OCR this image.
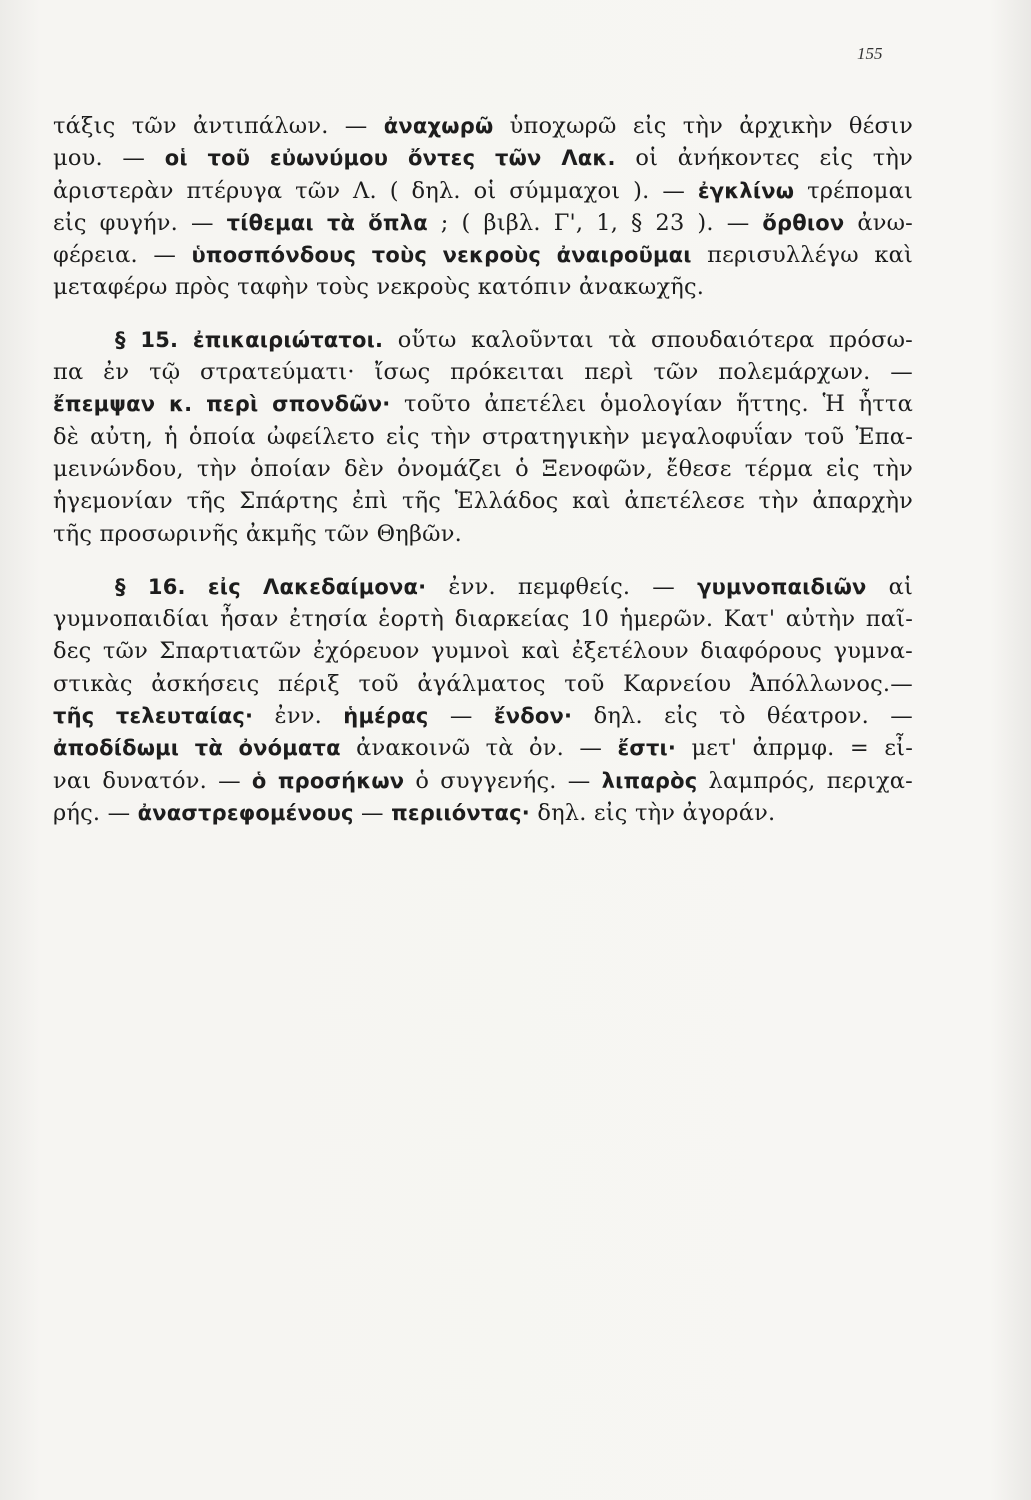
155

τάξις τῶν ἀντιπάλων. — ἀναχωρῶ ὑποχωρῶ εἰς τὴν ἀρχικὴν θέσιν
μου. — οἱ τοῦ εὐωνύμου ὄντες τῶν Λακ. οἱ ἀνήκοντες εἰς τὴν
ἀριστερὰν πτέρυγα τῶν Λ. ( δηλ. οἱ σύμμαχοι ). — ἐγκλίνω τρέπομαι
εἰς φυγήν. — τίθεμαι τὰ ὅπλα ; ( βιβλ. Γ', 1, § 23 ). — ὄρθιον ἀνω-
φέρεια. — ὑποσπόνδους τοὺς νεκροὺς ἀναιροῦμαι περισυλλέγω καὶ
μεταφέρω πρὸς ταφὴν τοὺς νεκροὺς κατόπιν ἀνακωχῆς.

§ 15. ἐπικαιριώτατοι. οὕτω καλοῦνται τὰ σπουδαιότερα πρόσω-
πα ἐν τῷ στρατεύματι· ἴσως πρόκειται περὶ τῶν πολεμάρχων. —
ἔπεμψαν κ. περὶ σπονδῶν· τοῦτο ἀπετέλει ὁμολογίαν ἥττης. Ἡ ἧττα
δὲ αὐτη, ἡ ὁποία ὠφείλετο εἰς τὴν στρατηγικὴν μεγαλοφυΐαν τοῦ Ἐπα-
μεινώνδου, τὴν ὁποίαν δὲν ὀνομάζει ὁ Ξενοφῶν, ἔθεσε τέρμα εἰς τὴν
ἡγεμονίαν τῆς Σπάρτης ἐπὶ τῆς Ἑλλάδος καὶ ἀπετέλεσε τὴν ἀπαρχὴν
τῆς προσωρινῆς ἀκμῆς τῶν Θηβῶν.

§ 16. εἰς Λακεδαίμονα· ἐνν. πεμφθείς. — γυμνοπαιδιῶν αἱ
γυμνοπαιδίαι ἦσαν ἐτησία ἑορτὴ διαρκείας 10 ἡμερῶν. Κατ' αὐτὴν παῖ-
δες τῶν Σπαρτιατῶν ἐχόρευον γυμνοὶ καὶ ἐξετέλουν διαφόρους γυμνα-
στικὰς ἀσκήσεις πέριξ τοῦ ἀγάλματος τοῦ Καρνείου Ἀπόλλωνος.—
τῆς τελευταίας· ἐνν. ἡμέρας — ἔνδον· δηλ. εἰς τὸ θέατρον. —
ἀποδίδωμι τὰ ὀνόματα ἀνακοινῶ τὰ ὀν. — ἔστι· μετ' ἀπρμφ. = εἶ-
ναι δυνατόν. — ὁ προσήκων ὁ συγγενής. — λιπαρὸς λαμπρός, περιχα-
ρής. — ἀναστρεφομένους — περιιόντας· δηλ. εἰς τὴν ἀγοράν.
